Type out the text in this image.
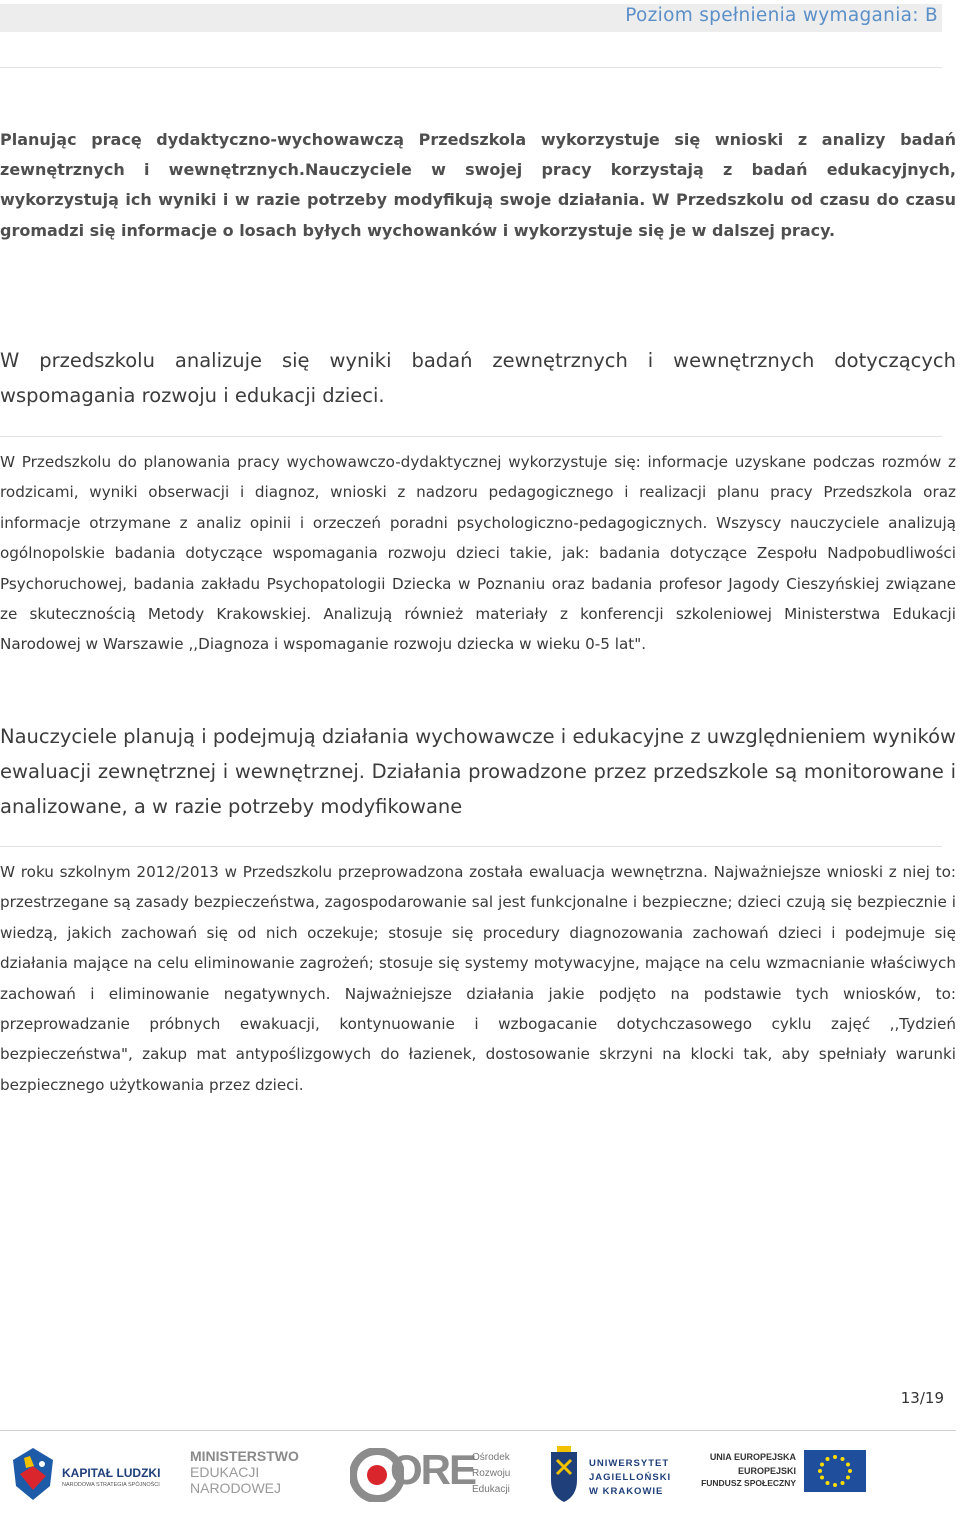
Poziom spełnienia wymagania: B

Planując pracę dydaktyczno-wychowawczą Przedszkola wykorzystuje się wnioski z analizy badań zewnętrznych i wewnętrznych.Nauczyciele w swojej pracy korzystają z badań edukacyjnych, wykorzystują ich wyniki i w razie potrzeby modyfikują swoje działania. W Przedszkolu od czasu do czasu gromadzi się informacje o losach byłych wychowanków i wykorzystuje się je w dalszej pracy.

W przedszkolu analizuje się wyniki badań zewnętrznych i wewnętrznych dotyczących wspomagania rozwoju i edukacji dzieci.

W Przedszkolu do planowania pracy wychowawczo-dydaktycznej wykorzystuje się: informacje uzyskane podczas rozmów z rodzicami, wyniki obserwacji i diagnoz, wnioski z nadzoru pedagogicznego i realizacji planu pracy Przedszkola oraz informacje otrzymane z analiz opinii i orzeczeń poradni psychologiczno-pedagogicznych. Wszyscy nauczyciele analizują ogólnopolskie badania dotyczące wspomagania rozwoju dzieci takie, jak: badania dotyczące Zespołu Nadpobudliwości Psychoruchowej, badania zakładu Psychopatologii Dziecka w Poznaniu oraz badania profesor Jagody Cieszyńskiej związane ze skutecznością Metody Krakowskiej. Analizują również materiały z konferencji szkoleniowej Ministerstwa Edukacji Narodowej w Warszawie ,,Diagnoza i wspomaganie rozwoju dziecka w wieku 0-5 lat".

Nauczyciele planują i podejmują działania wychowawcze i edukacyjne z uwzględnieniem wyników ewaluacji zewnętrznej i wewnętrznej. Działania prowadzone przez przedszkole są monitorowane i analizowane, a w razie potrzeby modyfikowane

W roku szkolnym 2012/2013 w Przedszkolu przeprowadzona została ewaluacja wewnętrzna. Najważniejsze wnioski z niej to: przestrzegane są zasady bezpieczeństwa, zagospodarowanie sal jest funkcjonalne i bezpieczne; dzieci czują się bezpiecznie i wiedzą, jakich zachowań się od nich oczekuje; stosuje się procedury diagnozowania zachowań dzieci i podejmuje się działania mające na celu eliminowanie zagrożeń; stosuje się systemy motywacyjne, mające na celu wzmacnianie właściwych zachowań i eliminowanie negatywnych. Najważniejsze działania jakie podjęto na podstawie tych wniosków, to: przeprowadzanie próbnych ewakuacji, kontynuowanie i wzbogacanie dotychczasowego cyklu zajęć ,,Tydzień bezpieczeństwa", zakup mat antypoślizgowych do łazienek, dostosowanie skrzyni na klocki tak, aby spełniały warunki bezpiecznego użytkowania przez dzieci.

13/19
KAPITAŁ LUDZKI
NARODOWA STRATEGIA SPÓJNOŚCI
MINISTERSTWO
EDUKACJI
NARODOWEJ	ORE
Ośrodek
Rozwoju
Edukacji
UNIWERSYTET
JAGIELLOŃSKI
W KRAKOWIE
UNIA EUROPEJSKA
EUROPEJSKI
FUNDUSZ SPOŁECZNY
